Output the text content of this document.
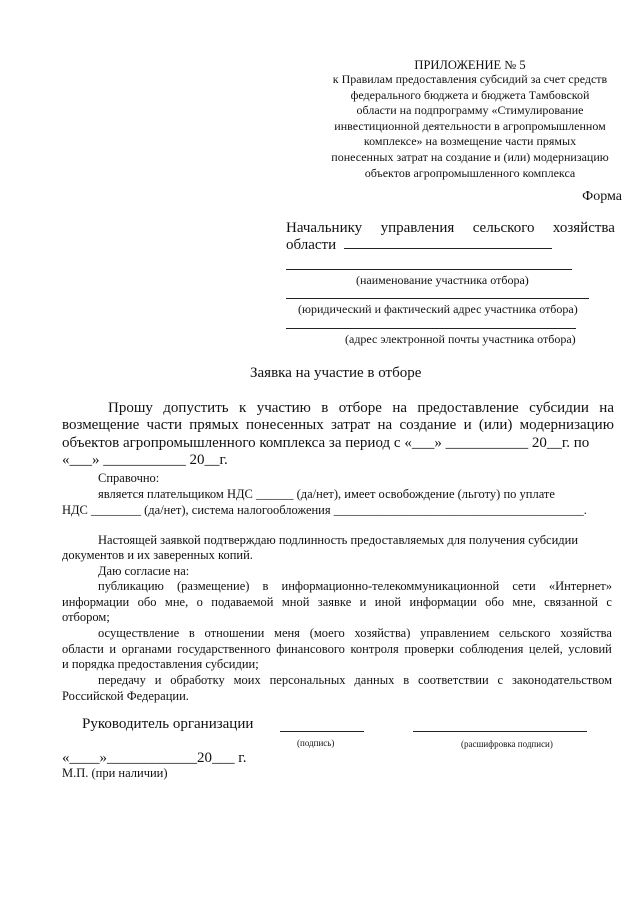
ПРИЛОЖЕНИЕ № 5
к Правилам предоставления субсидий за счет средств
федерального бюджета и бюджета Тамбовской
области на подпрограмму «Стимулирование
инвестиционной деятельности в агропромышленном
комплексе» на возмещение части прямых
понесенных затрат на создание и (или) модернизацию
объектов агропромышленного комплекса
Форма
Начальнику управления сельского хозяйства
области
(наименование участника отбора)
(юридический и фактический адрес участника отбора)
(адрес электронной почты участника отбора)
Заявка на участие в отборе
Прошу допустить к участию в отборе на предоставление субсидии на
возмещение части прямых понесенных затрат на создание и (или) модернизацию
объектов агропромышленного комплекса за период с «___» ___________ 20__г. по
«___» ___________ 20__г.
Справочно:
является плательщиком НДС ______ (да/нет), имеет освобождение (льготу) по уплате
НДС ________ (да/нет), система налогообложения ________________________________________.
Настоящей заявкой подтверждаю подлинность предоставляемых для получения субсидии
документов и их заверенных копий.
Даю согласие на:
публикацию (размещение) в информационно-телекоммуникационной сети «Интернет»
информации обо мне, о подаваемой мной заявке и иной информации обо мне, связанной с
отбором;
осуществление в отношении меня (моего хозяйства) управлением сельского хозяйства
области и органами государственного финансового контроля проверки соблюдения целей, условий
и порядка предоставления субсидии;
передачу и обработку моих персональных данных в соответствии с законодательством
Российской Федерации.
Руководитель организации
(подпись)	(расшифровка подписи)
«____»____________20___ г.
М.П. (при наличии)
